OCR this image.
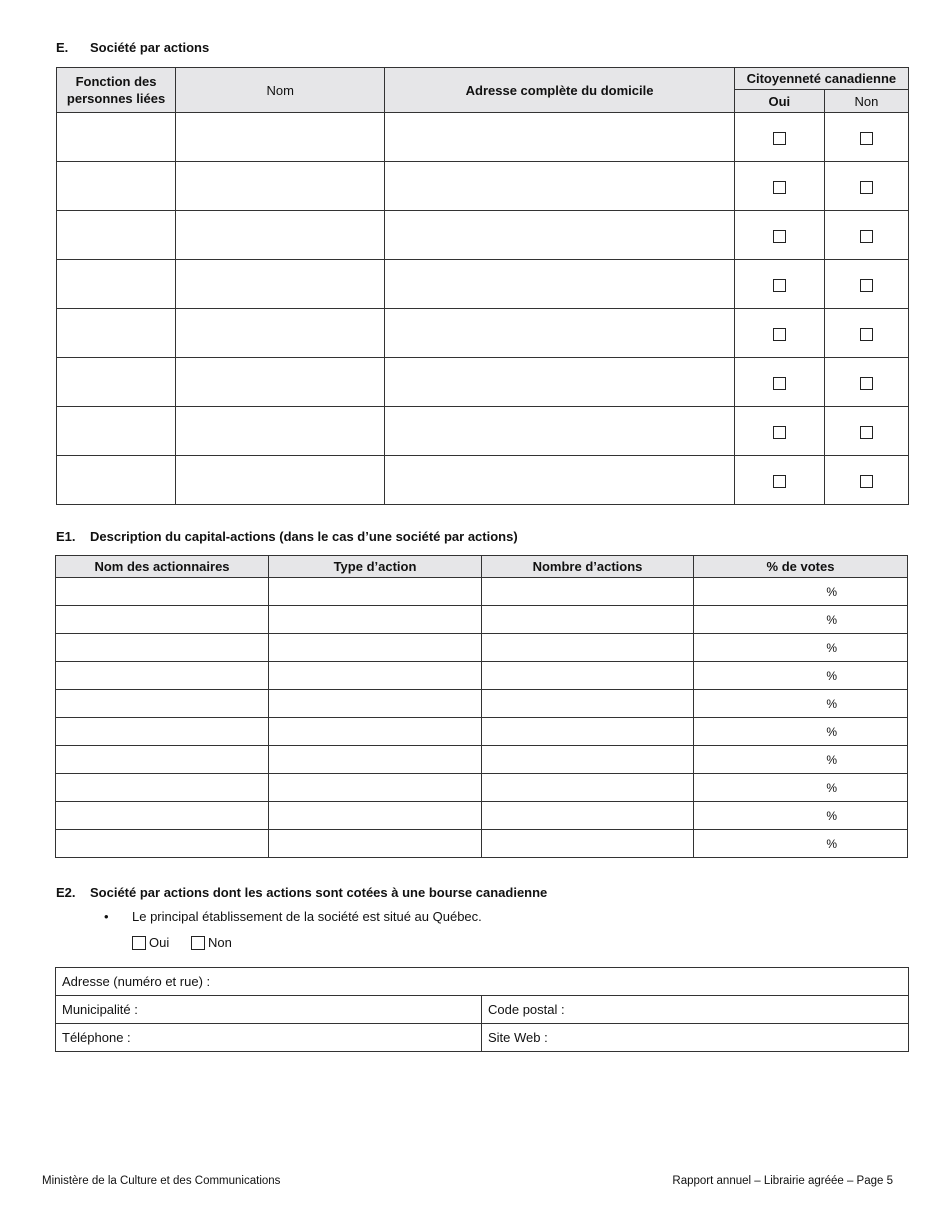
E. Société par actions
Fonction des personnes liées	Nom	Adresse complète du domicile	Citoyenneté canadienne	
			Oui	Non

E1. Description du capital-actions (dans le cas d’une société par actions)
Nom des actionnaires	Type d’action	Nombre d’actions	% de votes
			%
			%
			%
			%
			%
			%
			%
			%
			%
			%
E2. Société par actions dont les actions sont cotées à une bourse canadienne
• Le principal établissement de la société est situé au Québec.
Oui	Non
Adresse (numéro et rue) :	
Municipalité :	Code postal :
Téléphone :	Site Web :
Ministère de la Culture et des Communications	Rapport annuel – Librairie agréée – Page 5
